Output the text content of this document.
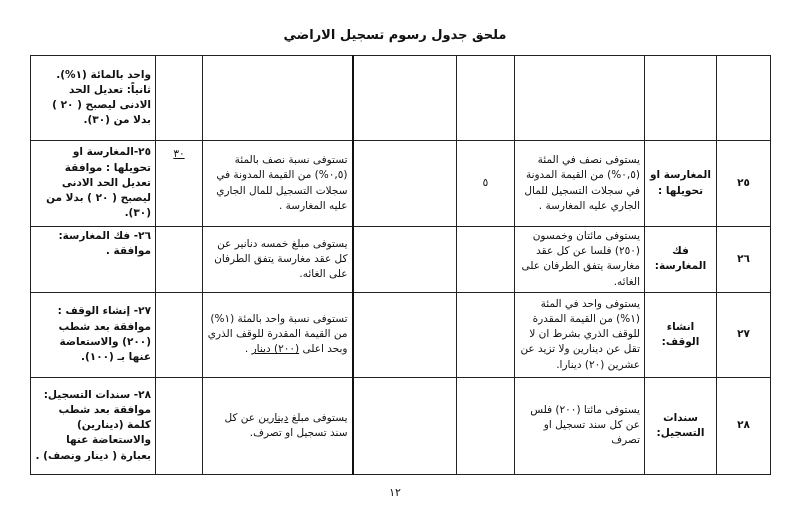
ملحق جدول رسوم تسجيل الاراضي
واحد بالمائة (١%). ثانياً: تعديل الحد الادنى ليصبح ( ٢٠ ) بدلا من (٣٠).							
٢٥-المغارسة او تحويلها : موافقة تعديل الحد الادنى ليصبح ( ٢٠ ) بدلا من (٣٠).	٣٠	تستوفى نسبة نصف بالمئة (٠,٥%) من القيمة المدونة في سجلات التسجيل للمال الجاري عليه المغارسة .		٥	يستوفى نصف في المئة (٠,٥%) من القيمة المدونة في سجلات التسجيل للمال الجاري عليه المغارسة .	المغارسة او تحويلها :	٢٥
٢٦- فك المغارسة: موافقة .		يستوفى مبلغ خمسه دنانير عن كل عقد مغارسة يتفق الطرفان على الغائه.			يستوفى مائتان وخمسون (٢٥٠) فلسا عن كل عقد مغارسة يتفق الطرفان على الغائه.	فك المغارسة:	٢٦
٢٧- إنشاء الوقف : موافقة بعد شطب (٢٠٠) والاستعاضة عنها بـ (١٠٠).		تستوفى نسبة واحد بالمئة (١%) من القيمة المقدرة للوقف الذري وبحد اعلى (٢٠٠) دينار .			يستوفى واحد في المئة (١%) من القيمة المقدرة للوقف الذري بشرط ان لا تقل عن دينارين ولا تزيد عن عشرين (٢٠) دينارا.	انشاء الوقف:	٢٧
٢٨- سندات التسجيل: موافقة بعد شطب كلمة (دينارين) والاستعاضة عنها بعبارة ( دينار ونصف) .		يستوفى مبلغ دينارين عن كل سند تسجيل او تصرف.			يستوفى مائتا (٢٠٠) فلس عن كل سند تسجيل او تصرف	سندات التسجيل:	٢٨
١٢
